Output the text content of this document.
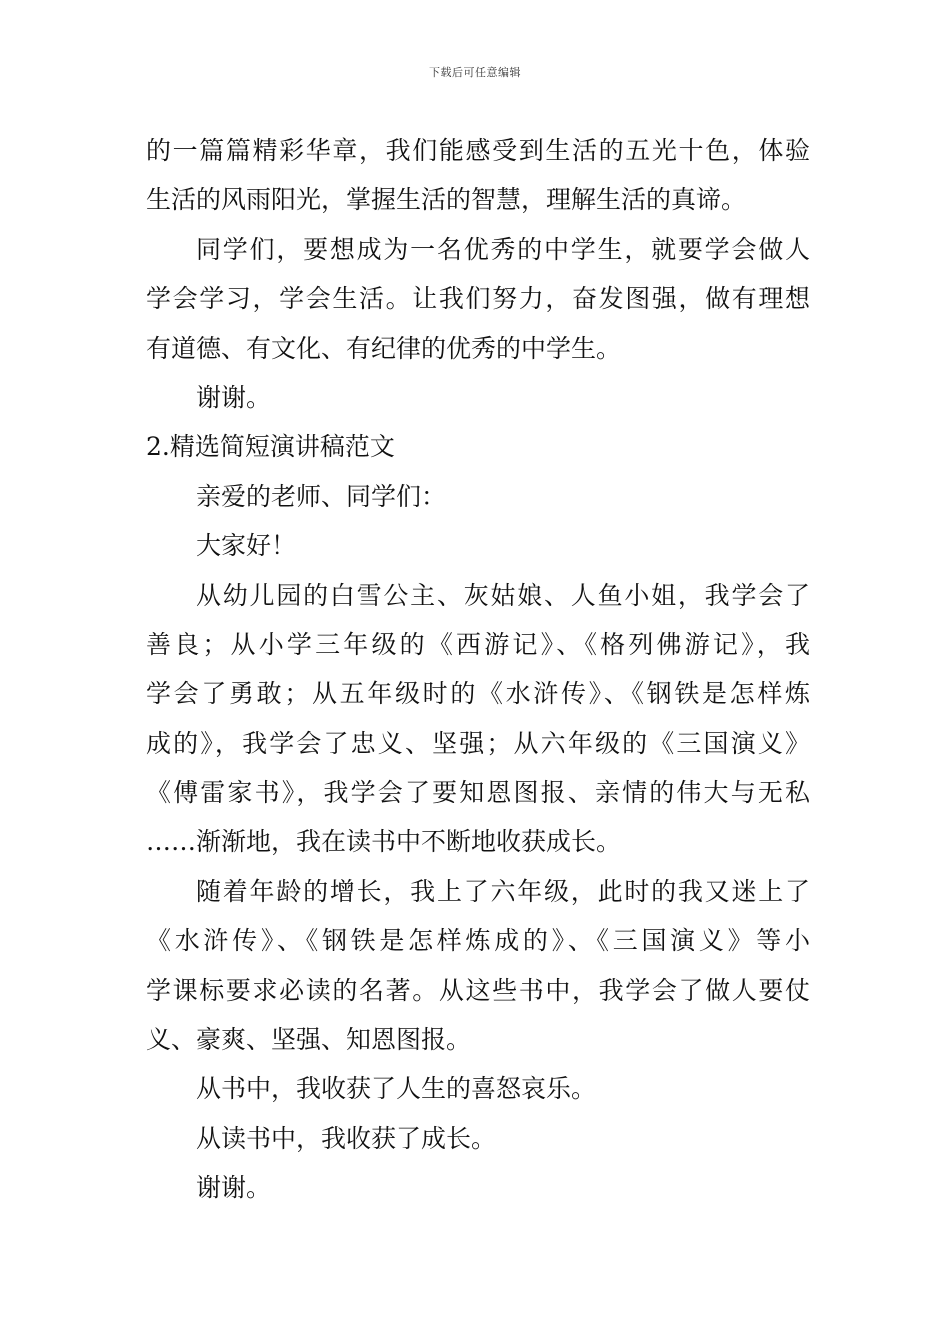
下载后可任意编辑
的一篇篇精彩华章，我们能感受到生活的五光十色，体验
生活的风雨阳光，掌握生活的智慧，理解生活的真谛。
同学们，要想成为一名优秀的中学生，就要学会做人
学会学习，学会生活。让我们努力，奋发图强，做有理想
有道德、有文化、有纪律的优秀的中学生。
谢谢。
2.精选简短演讲稿范文
亲爱的老师、同学们：
大家好！
从幼儿园的白雪公主、灰姑娘、人鱼小姐，我学会了
善良；从小学三年级的《西游记》、《格列佛游记》，我
学会了勇敢；从五年级时的《水浒传》、《钢铁是怎样炼
成的》，我学会了忠义、坚强；从六年级的《三国演义》
《傅雷家书》，我学会了要知恩图报、亲情的伟大与无私
……渐渐地，我在读书中不断地收获成长。
随着年龄的增长，我上了六年级，此时的我又迷上了
《水浒传》、《钢铁是怎样炼成的》、《三国演义》等小
学课标要求必读的名著。从这些书中，我学会了做人要仗
义、豪爽、坚强、知恩图报。
从书中，我收获了人生的喜怒哀乐。
从读书中，我收获了成长。
谢谢。
